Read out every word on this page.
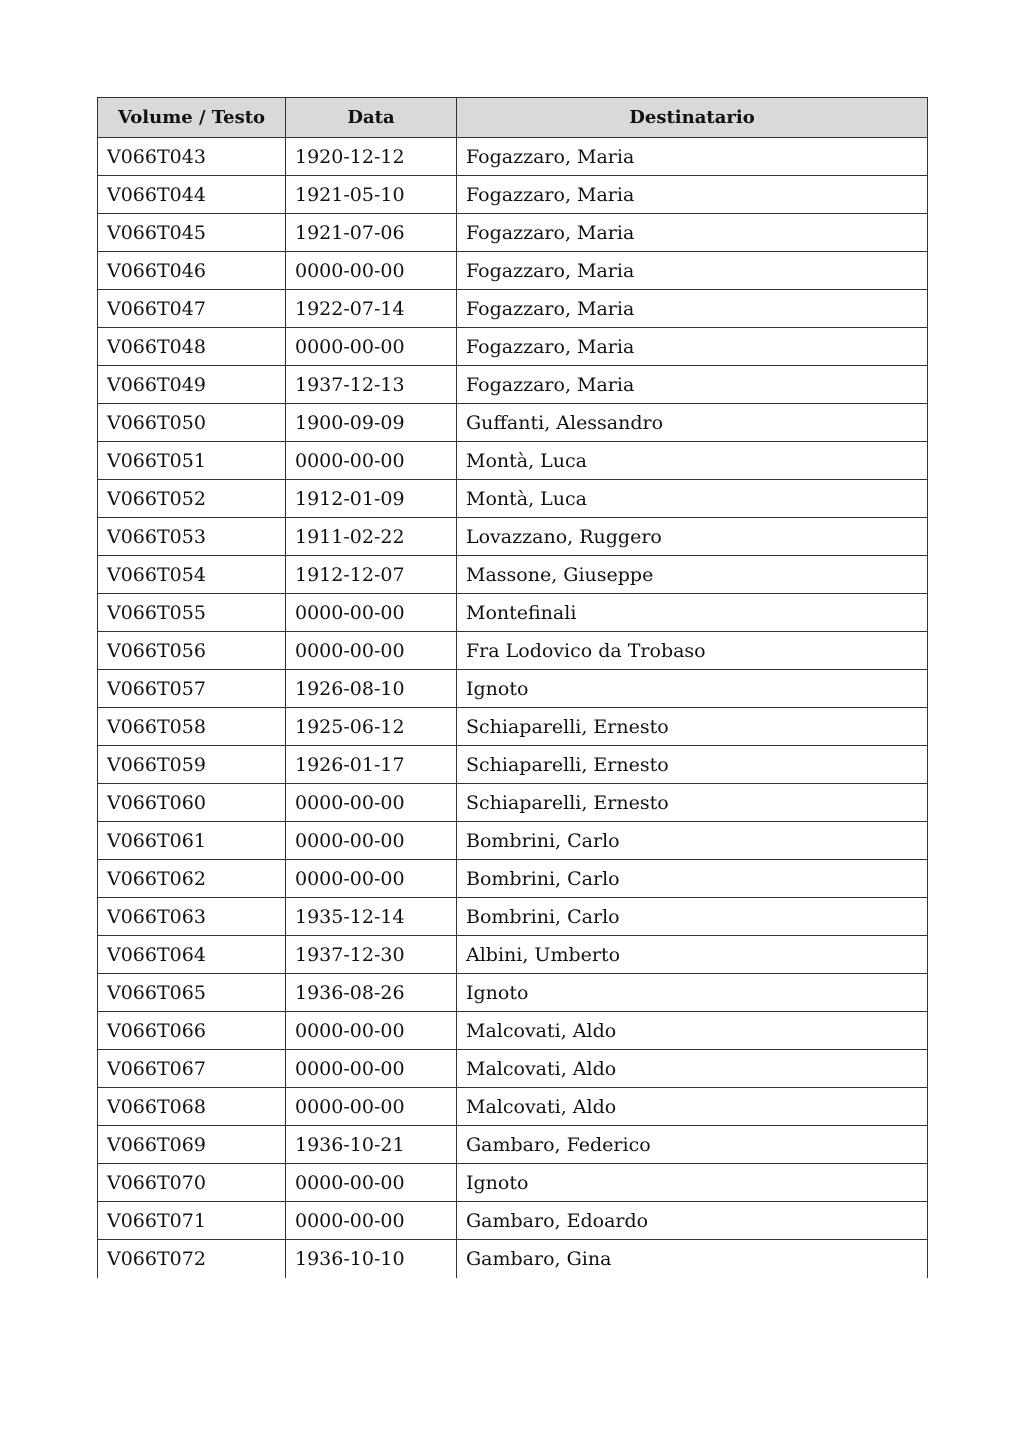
Volume / Testo	Data	Destinatario
V066T043	1920-12-12	Fogazzaro, Maria
V066T044	1921-05-10	Fogazzaro, Maria
V066T045	1921-07-06	Fogazzaro, Maria
V066T046	0000-00-00	Fogazzaro, Maria
V066T047	1922-07-14	Fogazzaro, Maria
V066T048	0000-00-00	Fogazzaro, Maria
V066T049	1937-12-13	Fogazzaro, Maria
V066T050	1900-09-09	Guffanti, Alessandro
V066T051	0000-00-00	Montà, Luca
V066T052	1912-01-09	Montà, Luca
V066T053	1911-02-22	Lovazzano, Ruggero
V066T054	1912-12-07	Massone, Giuseppe
V066T055	0000-00-00	Montefinali
V066T056	0000-00-00	Fra Lodovico da Trobaso
V066T057	1926-08-10	Ignoto
V066T058	1925-06-12	Schiaparelli, Ernesto
V066T059	1926-01-17	Schiaparelli, Ernesto
V066T060	0000-00-00	Schiaparelli, Ernesto
V066T061	0000-00-00	Bombrini, Carlo
V066T062	0000-00-00	Bombrini, Carlo
V066T063	1935-12-14	Bombrini, Carlo
V066T064	1937-12-30	Albini, Umberto
V066T065	1936-08-26	Ignoto
V066T066	0000-00-00	Malcovati, Aldo
V066T067	0000-00-00	Malcovati, Aldo
V066T068	0000-00-00	Malcovati, Aldo
V066T069	1936-10-21	Gambaro, Federico
V066T070	0000-00-00	Ignoto
V066T071	0000-00-00	Gambaro, Edoardo
V066T072	1936-10-10	Gambaro, Gina
